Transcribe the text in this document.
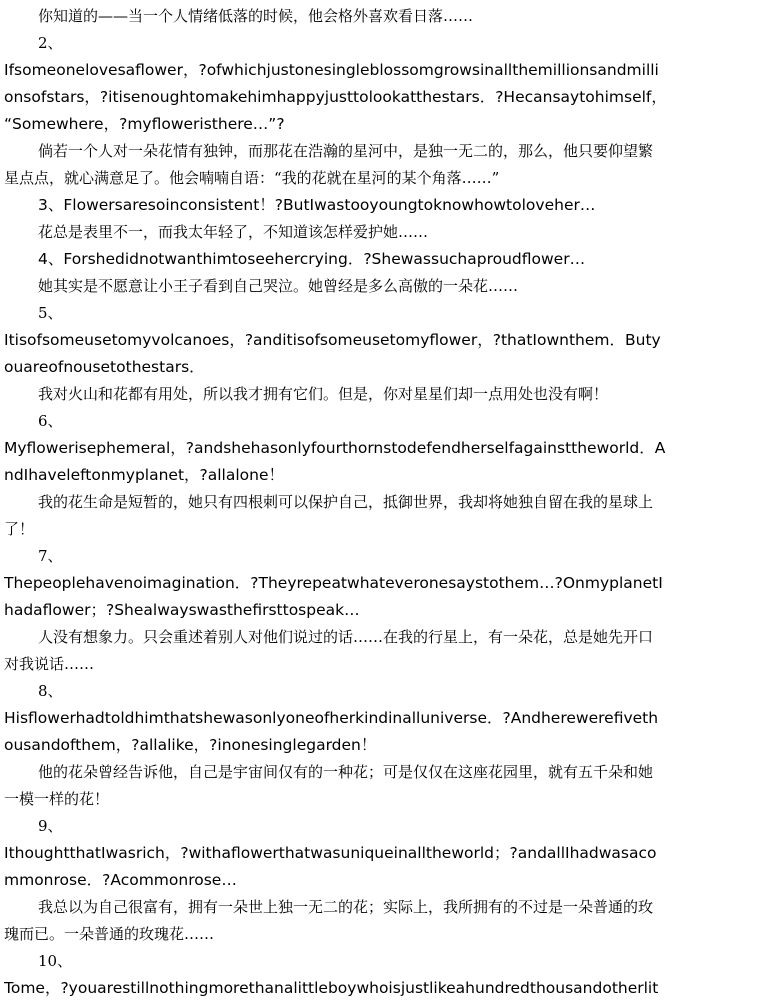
你知道的——当一个人情绪低落的时候，他会格外喜欢看日落……
2、
Ifsomeonelovesaflower，?ofwhichjustonesingleblossomgrowsinallthemillionsandmilli
onsofstars，?itisenoughtomakehimhappyjusttolookatthestars．?Hecansaytohimself，
“Somewhere，?myfloweristhere…”?
倘若一个人对一朵花情有独钟，而那花在浩瀚的星河中，是独一无二的，那么，他只要仰望繁
星点点，就心满意足了。他会喃喃自语：“我的花就在星河的某个角落……”
3、Flowersaresoinconsistent！?ButIwastooyoungtoknowhowtoloveher…
花总是表里不一，而我太年轻了，不知道该怎样爱护她……
4、Forshedidnotwanthimtoseehercrying．?Shewassuchaproudflower…
她其实是不愿意让小王子看到自己哭泣。她曾经是多么高傲的一朵花……
5、
Itisofsomeusetomyvolcanoes，?anditisofsomeusetomyflower，?thatIownthem．Buty
ouareofnousetothestars．
我对火山和花都有用处，所以我才拥有它们。但是，你对星星们却一点用处也没有啊！
6、
Myflowerisephemeral，?andshehasonlyfourthornstodefendherselfagainsttheworld．A
ndIhaveleftonmyplanet，?allalone！
我的花生命是短暂的，她只有四根刺可以保护自己，抵御世界，我却将她独自留在我的星球上
了！
7、
Thepeoplehavenoimagination．?Theyrepeatwhateveronesaystothem…?OnmyplanetI
hadaflower；?Shealwayswasthefirsttospeak…
人没有想象力。只会重述着别人对他们说过的话……在我的行星上，有一朵花，总是她先开口
对我说话……
8、
Hisflowerhadtoldhimthatshewasonlyoneofherkindinalluniverse．?Andherewerefiveth
ousandofthem，?allalike，?inonesinglegarden！
他的花朵曾经告诉他，自己是宇宙间仅有的一种花；可是仅仅在这座花园里，就有五千朵和她
一模一样的花！
9、
IthoughtthatIwasrich，?withaflowerthatwasuniqueinalltheworld；?andallIhadwasaco
mmonrose．?Acommonrose…
我总以为自己很富有，拥有一朵世上独一无二的花；实际上，我所拥有的不过是一朵普通的玫
瑰而已。一朵普通的玫瑰花……
10、
Tome，?youarestillnothingmorethanalittleboywhoisjustlikeahundredthousandotherlit
